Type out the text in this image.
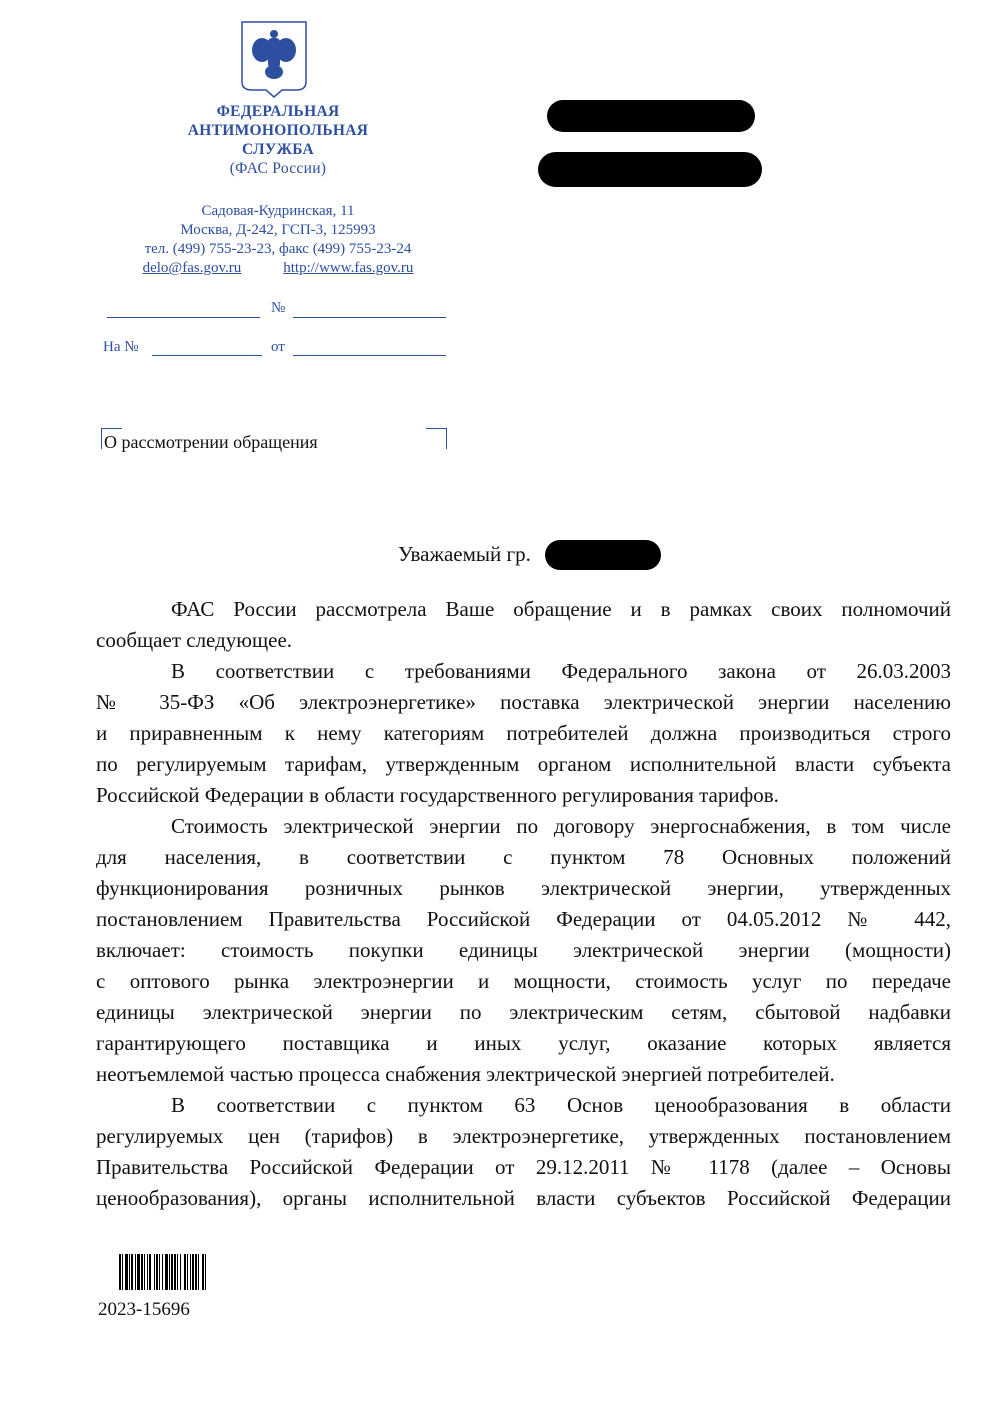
ФЕДЕРАЛЬНАЯ
АНТИМОНОПОЛЬНАЯ
СЛУЖБА
(ФАС России)
Садовая-Кудринская, 11
Москва, Д-242, ГСП-3, 125993
тел. (499) 755-23-23, факс (499) 755-23-24
delo@fas.gov.ru	http://www.fas.gov.ru
№
На №	от
О рассмотрении обращения
Уважаемый гр.
ФАС России рассмотрела Ваше обращение и в рамках своих полномочий
сообщает следующее.
В соответствии с требованиями Федерального закона от 26.03.2003
№ 35-ФЗ «Об электроэнергетике» поставка электрической энергии населению
и приравненным к нему категориям потребителей должна производиться строго
по регулируемым тарифам, утвержденным органом исполнительной власти субъекта
Российской Федерации в области государственного регулирования тарифов.
Стоимость электрической энергии по договору энергоснабжения, в том числе
для населения, в соответствии с пунктом 78 Основных положений
функционирования розничных рынков электрической энергии, утвержденных
постановлением Правительства Российской Федерации от 04.05.2012 № 442,
включает: стоимость покупки единицы электрической энергии (мощности)
с оптового рынка электроэнергии и мощности, стоимость услуг по передаче
единицы электрической энергии по электрическим сетям, сбытовой надбавки
гарантирующего поставщика и иных услуг, оказание которых является
неотъемлемой частью процесса снабжения электрической энергией потребителей.
В соответствии с пунктом 63 Основ ценообразования в области
регулируемых цен (тарифов) в электроэнергетике, утвержденных постановлением
Правительства Российской Федерации от 29.12.2011 № 1178 (далее – Основы
ценообразования), органы исполнительной власти субъектов Российской Федерации
2023-15696
